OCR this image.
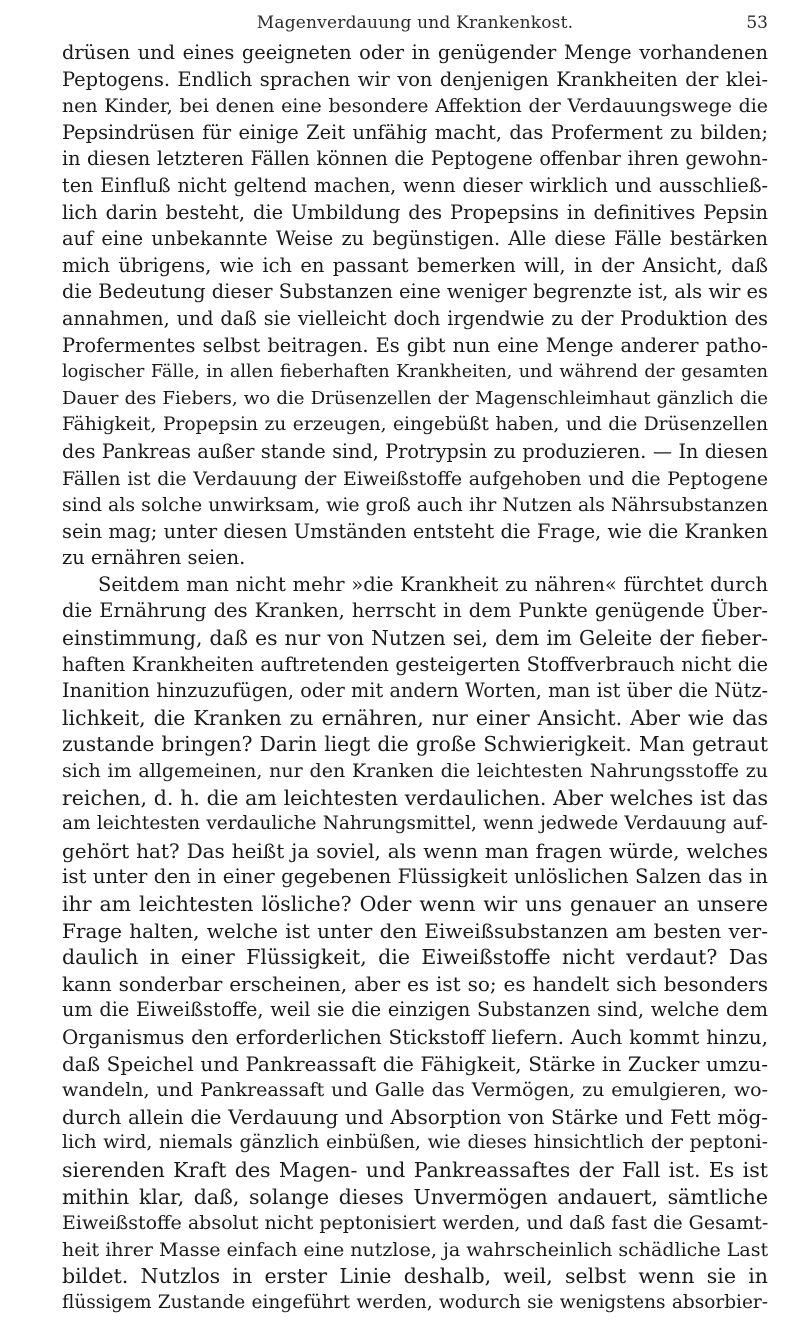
Magenverdauung und Krankenkost.	53
drüsen und eines geeigneten oder in genügender Menge vorhandenen
Peptogens. Endlich sprachen wir von denjenigen Krankheiten der klei-
nen Kinder, bei denen eine besondere Affektion der Verdauungswege die
Pepsindrüsen für einige Zeit unfähig macht, das Proferment zu bilden;
in diesen letzteren Fällen können die Peptogene offenbar ihren gewohn-
ten Einfluß nicht geltend machen, wenn dieser wirklich und ausschließ-
lich darin besteht, die Umbildung des Propepsins in definitives Pepsin
auf eine unbekannte Weise zu begünstigen. Alle diese Fälle bestärken
mich übrigens, wie ich en passant bemerken will, in der Ansicht, daß
die Bedeutung dieser Substanzen eine weniger begrenzte ist, als wir es
annahmen, und daß sie vielleicht doch irgendwie zu der Produktion des
Profermentes selbst beitragen. Es gibt nun eine Menge anderer patho-
logischer Fälle, in allen fieberhaften Krankheiten, und während der gesamten
Dauer des Fiebers, wo die Drüsenzellen der Magenschleimhaut gänzlich die
Fähigkeit, Propepsin zu erzeugen, eingebüßt haben, und die Drüsenzellen
des Pankreas außer stande sind, Protrypsin zu produzieren. — In diesen
Fällen ist die Verdauung der Eiweißstoffe aufgehoben und die Peptogene
sind als solche unwirksam, wie groß auch ihr Nutzen als Nährsubstanzen
sein mag; unter diesen Umständen entsteht die Frage, wie die Kranken
zu ernähren seien.
Seitdem man nicht mehr »die Krankheit zu nähren« fürchtet durch
die Ernährung des Kranken, herrscht in dem Punkte genügende Über-
einstimmung, daß es nur von Nutzen sei, dem im Geleite der fieber-
haften Krankheiten auftretenden gesteigerten Stoffverbrauch nicht die
Inanition hinzuzufügen, oder mit andern Worten, man ist über die Nütz-
lichkeit, die Kranken zu ernähren, nur einer Ansicht. Aber wie das
zustande bringen? Darin liegt die große Schwierigkeit. Man getraut
sich im allgemeinen, nur den Kranken die leichtesten Nahrungsstoffe zu
reichen, d. h. die am leichtesten verdaulichen. Aber welches ist das
am leichtesten verdauliche Nahrungsmittel, wenn jedwede Verdauung auf-
gehört hat? Das heißt ja soviel, als wenn man fragen würde, welches
ist unter den in einer gegebenen Flüssigkeit unlöslichen Salzen das in
ihr am leichtesten lösliche? Oder wenn wir uns genauer an unsere
Frage halten, welche ist unter den Eiweißsubstanzen am besten ver-
daulich in einer Flüssigkeit, die Eiweißstoffe nicht verdaut? Das
kann sonderbar erscheinen, aber es ist so; es handelt sich besonders
um die Eiweißstoffe, weil sie die einzigen Substanzen sind, welche dem
Organismus den erforderlichen Stickstoff liefern. Auch kommt hinzu,
daß Speichel und Pankreassaft die Fähigkeit, Stärke in Zucker umzu-
wandeln, und Pankreassaft und Galle das Vermögen, zu emulgieren, wo-
durch allein die Verdauung und Absorption von Stärke und Fett mög-
lich wird, niemals gänzlich einbüßen, wie dieses hinsichtlich der peptoni-
sierenden Kraft des Magen- und Pankreassaftes der Fall ist. Es ist
mithin klar, daß, solange dieses Unvermögen andauert, sämtliche
Eiweißstoffe absolut nicht peptonisiert werden, und daß fast die Gesamt-
heit ihrer Masse einfach eine nutzlose, ja wahrscheinlich schädliche Last
bildet. Nutzlos in erster Linie deshalb, weil, selbst wenn sie in
flüssigem Zustande eingeführt werden, wodurch sie wenigstens absorbier-
